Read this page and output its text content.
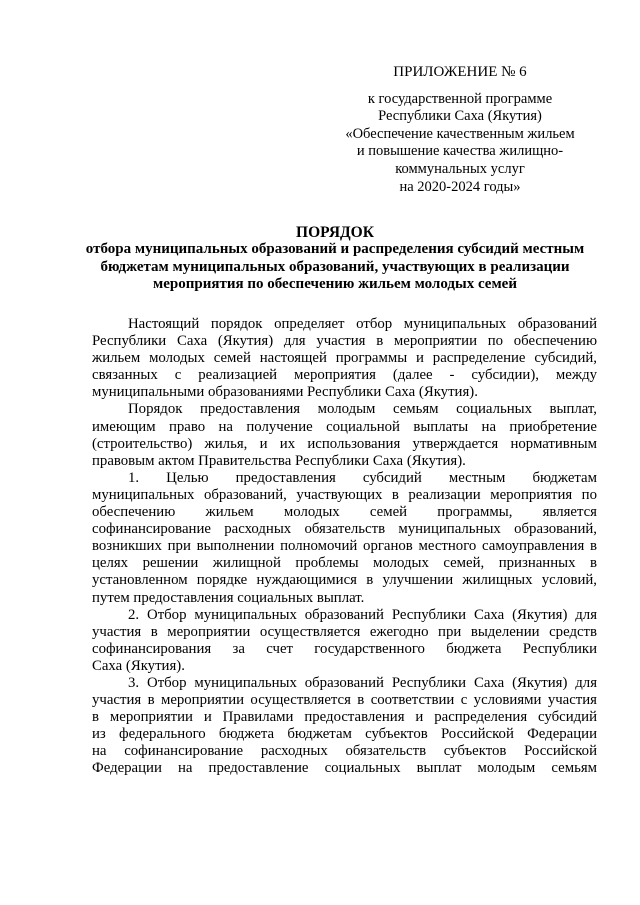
ПРИЛОЖЕНИЕ № 6
к государственной программе
Республики Саха (Якутия)
«Обеспечение качественным жильем
и повышение качества жилищно-
коммунальных услуг
на 2020-2024 годы»
ПОРЯДОК
отбора муниципальных образований и распределения субсидий местным
бюджетам муниципальных образований, участвующих в реализации
мероприятия по обеспечению жильем молодых семей
Настоящий порядок определяет отбор муниципальных образований
Республики Саха (Якутия) для участия в мероприятии по обеспечению
жильем молодых семей настоящей программы и распределение субсидий,
связанных с реализацией мероприятия (далее - субсидии), между
муниципальными образованиями Республики Саха (Якутия).
Порядок предоставления молодым семьям социальных выплат,
имеющим право на получение социальной выплаты на приобретение
(строительство) жилья, и их использования утверждается нормативным
правовым актом Правительства Республики Саха (Якутия).
1. Целью предоставления субсидий местным бюджетам
муниципальных образований, участвующих в реализации мероприятия по
обеспечению жильем молодых семей программы, является
софинансирование расходных обязательств муниципальных образований,
возникших при выполнении полномочий органов местного самоуправления в
целях решении жилищной проблемы молодых семей, признанных в
установленном порядке нуждающимися в улучшении жилищных условий,
путем предоставления социальных выплат.
2. Отбор муниципальных образований Республики Саха (Якутия) для
участия в мероприятии осуществляется ежегодно при выделении средств
софинансирования за счет государственного бюджета Республики
Саха (Якутия).
3. Отбор муниципальных образований Республики Саха (Якутия) для
участия в мероприятии осуществляется в соответствии с условиями участия
в мероприятии и Правилами предоставления и распределения субсидий
из федерального бюджета бюджетам субъектов Российской Федерации
на софинансирование расходных обязательств субъектов Российской
Федерации на предоставление социальных выплат молодым семьям
